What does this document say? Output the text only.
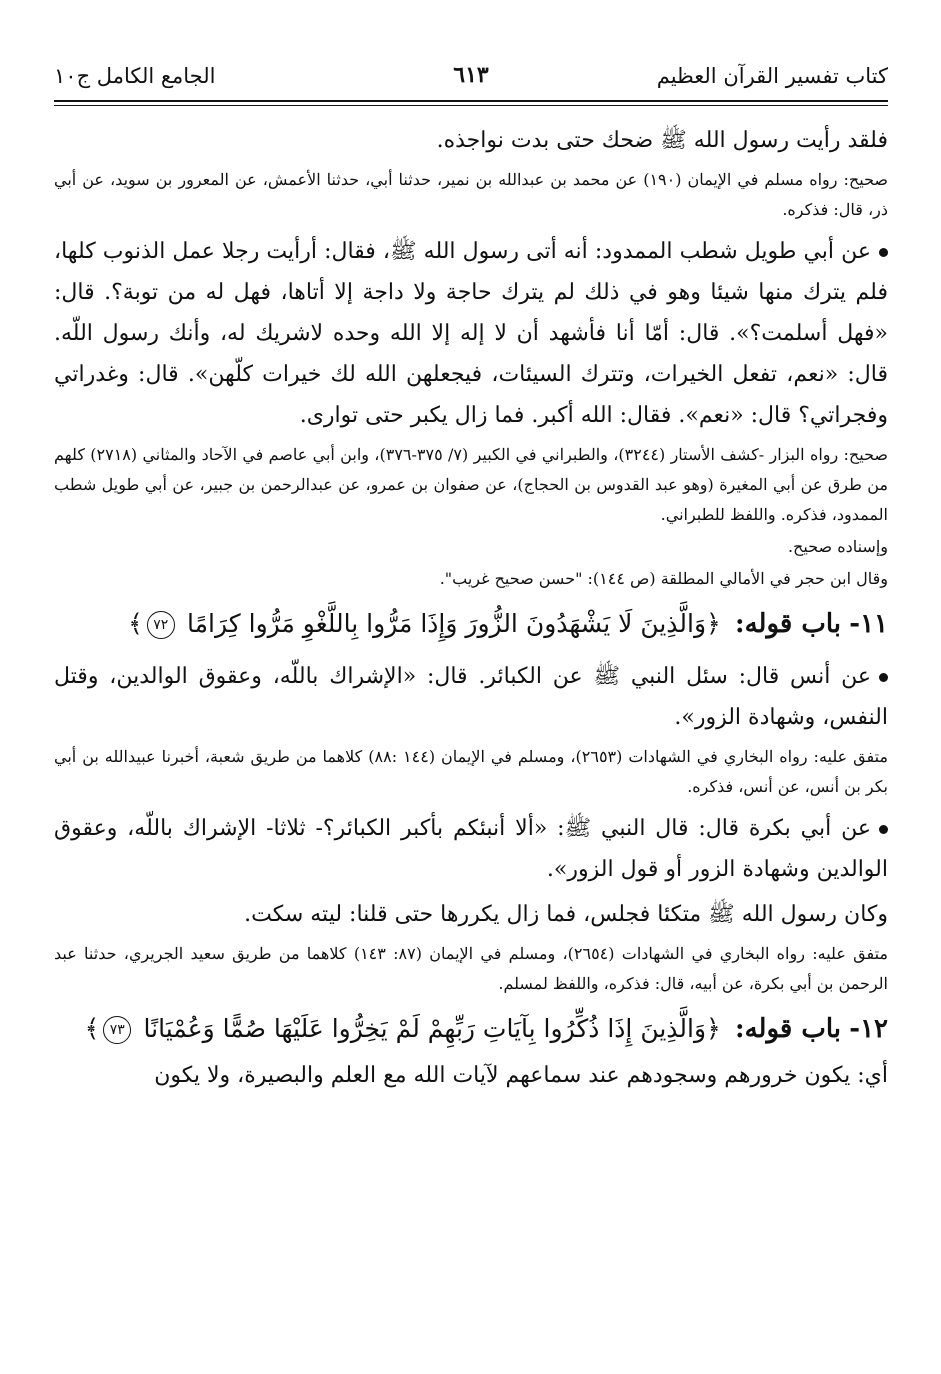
كتاب تفسير القرآن العظيم
٦١٣
الجامع الكامل ج١٠

فلقد رأيت رسول الله ﷺ ضحك حتى بدت نواجذه.

صحيح: رواه مسلم في الإيمان (١٩٠) عن محمد بن عبدالله بن نمير، حدثنا أبي، حدثنا الأعمش، عن المعرور بن سويد، عن أبي ذر، قال: فذكره.

عن أبي طويل شطب الممدود: أنه أتى رسول الله ﷺ، فقال: أرأيت رجلا عمل الذنوب كلها، فلم يترك منها شيئا وهو في ذلك لم يترك حاجة ولا داجة إلا أتاها، فهل له من توبة؟. قال: «فهل أسلمت؟». قال: أمّا أنا فأشهد أن لا إله إلا الله وحده لاشريك له، وأنك رسول اللّه. قال: «نعم، تفعل الخيرات، وتترك السيئات، فيجعلهن الله لك خيرات كلّهن». قال: وغدراتي وفجراتي؟ قال: «نعم». فقال: الله أكبر. فما زال يكبر حتى توارى.

صحيح: رواه البزار -كشف الأستار (٣٢٤٤)، والطبراني في الكبير (٧/ ٣٧٥-٣٧٦)، وابن أبي عاصم في الآحاد والمثاني (٢٧١٨) كلهم من طرق عن أبي المغيرة (وهو عبد القدوس بن الحجاج)، عن صفوان بن عمرو، عن عبدالرحمن بن جبير، عن أبي طويل شطب الممدود، فذكره. واللفظ للطبراني.

وإسناده صحيح.

وقال ابن حجر في الأمالي المطلقة (ص ١٤٤): "حسن صحيح غريب".

١١- باب قوله: ﴿وَالَّذِينَ لَا يَشْهَدُونَ الزُّورَ وَإِذَا مَرُّوا بِاللَّغْوِ مَرُّوا كِرَامًا ٧٢﴾

عن أنس قال: سئل النبي ﷺ عن الكبائر. قال: «الإشراك باللّه، وعقوق الوالدين، وقتل النفس، وشهادة الزور».

متفق عليه: رواه البخاري في الشهادات (٢٦٥٣)، ومسلم في الإيمان (١٤٤ :٨٨) كلاهما من طريق شعبة، أخبرنا عبيدالله بن أبي بكر بن أنس، عن أنس، فذكره.

عن أبي بكرة قال: قال النبي ﷺ: «ألا أنبئكم بأكبر الكبائر؟- ثلاثا- الإشراك باللّه، وعقوق الوالدين وشهادة الزور أو قول الزور».

وكان رسول الله ﷺ متكئا فجلس، فما زال يكررها حتى قلنا: ليته سكت.

متفق عليه: رواه البخاري في الشهادات (٢٦٥٤)، ومسلم في الإيمان (٨٧: ١٤٣) كلاهما من طريق سعيد الجريري، حدثنا عبد الرحمن بن أبي بكرة، عن أبيه، قال: فذكره، واللفظ لمسلم.

١٢- باب قوله: ﴿وَالَّذِينَ إِذَا ذُكِّرُوا بِآيَاتِ رَبِّهِمْ لَمْ يَخِرُّوا عَلَيْهَا صُمًّا وَعُمْيَانًا ٧٣﴾

أي: يكون خرورهم وسجودهم عند سماعهم لآيات الله مع العلم والبصيرة، ولا يكون
